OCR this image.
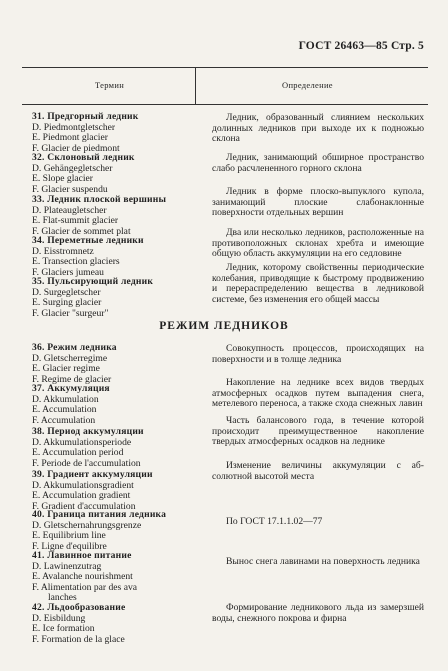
ГОСТ 26463—85 Стр. 5
Термин	Определение
31. Предгорный ледник
D. Piedmontgletscher
E. Piedmont glacier
F. Glacier de piedmont
Ледник, образованный слиянием нескольких долинных ледников при выходе их к подножью склона
32. Склоновый ледник
D. Gehängegletscher
E. Slope glacier
F. Glacier suspendu
Ледник, занимающий обширное пространство слабо расчлененного горного склона
33. Ледник плоской вершины
D. Plateaugletscher
E. Flat-summit glacier
F. Glacier de sommet plat
Ледник в форме плоско-выпуклого купола, занимающий плоские слабонаклонные поверхности отдельных вершин
34. Переметные ледники
D. Eisstromnetz
E. Transection glaciers
F. Glaciers jumeau
Два или несколько ледников, расположенные на противоположных склонах хребта и имеющие общую область аккумуляции на его седловине
35. Пульсирующий ледник
D. Surgegletscher
E. Surging glacier
F. Glacier "surgeur"
Ледник, которому свойственны периодические колебания, приводящие к быстрому продвижению и перераспределению вещества в ледниковой системе, без изменения его общей массы
РЕЖИМ ЛЕДНИКОВ
36. Режим ледника
D. Gletscherregime
E. Glacier regime
F. Regime de glacier
Совокупность процессов, происходящих на поверхности и в толще ледника
37. Аккумуляция
D. Akkumulation
E. Accumulation
F. Accumulation
Накопление на леднике всех видов твердых атмосферных осадков путем выпадения снега, метелевого переноса, а также схода снежных лавин
38. Период аккумуляции
D. Akkumulationsperiode
E. Accumulation period
F. Periode de l'accumulation
Часть балансового года, в течение которой происходит преимущественное накопление твердых атмосферных осадков на леднике
39. Градиент аккумуляции
D. Akkumulationsgradient
E. Accumulation gradient
F. Gradient d'accumulation
Изменение величины аккумуляции с абсолютной высотой места
40. Граница питания ледника
D. Gletschernahrungsgrenze
E. Equilibrium line
F. Ligne d'equilibre
По ГОСТ 17.1.1.02—77
41. Лавинное питание
D. Lawinenzutrag
E. Avalanche nourishment
F. Alimentation par des ava
lanches
Вынос снега лавинами на поверхность ледника
42. Льдообразование
D. Eisbildung
E. Ice formation
F. Formation de la glace
Формирование ледникового льда из замерзшей воды, снежного покрова и фирна
